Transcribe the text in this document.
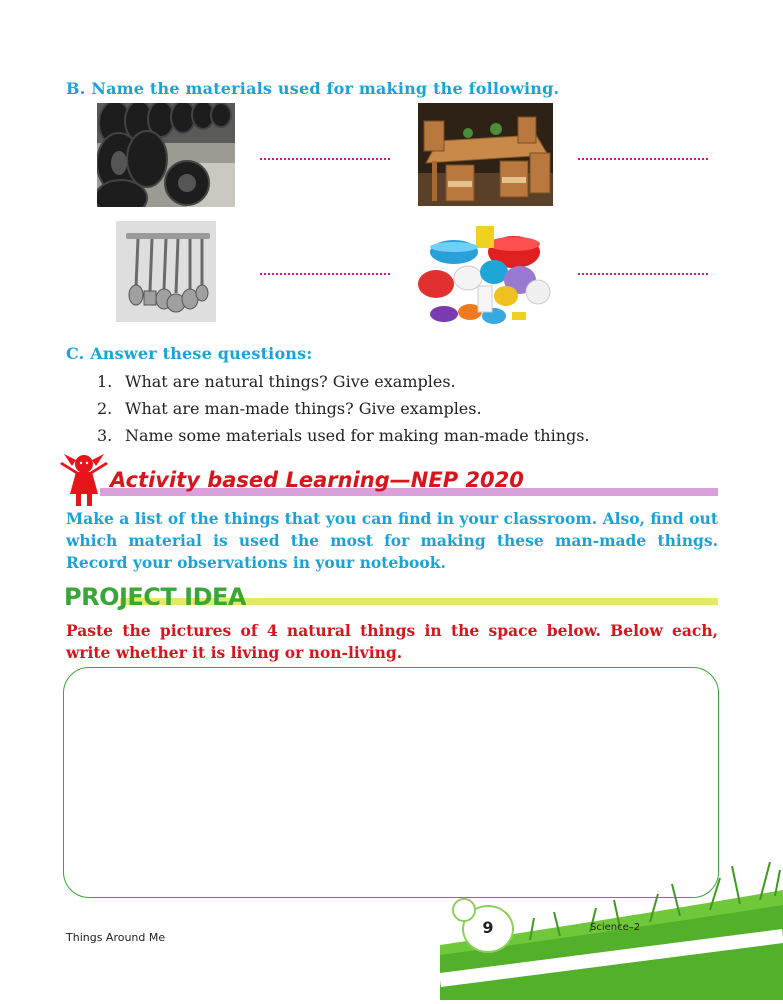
B. Name the materials used for making the following.
C. Answer these questions:
1. What are natural things? Give examples.
2. What are man-made things? Give examples.
3. Name some materials used for making man-made things.
Activity based Learning—NEP 2020
Make a list of the things that you can find in your classroom. Also, find out which material is used the most for making these man-made things. Record your observations in your notebook.
PROJECT IDEA
Paste the pictures of 4 natural things in the space below. Below each, write whether it is living or non-living.
9
Things Around Me
Science–2
